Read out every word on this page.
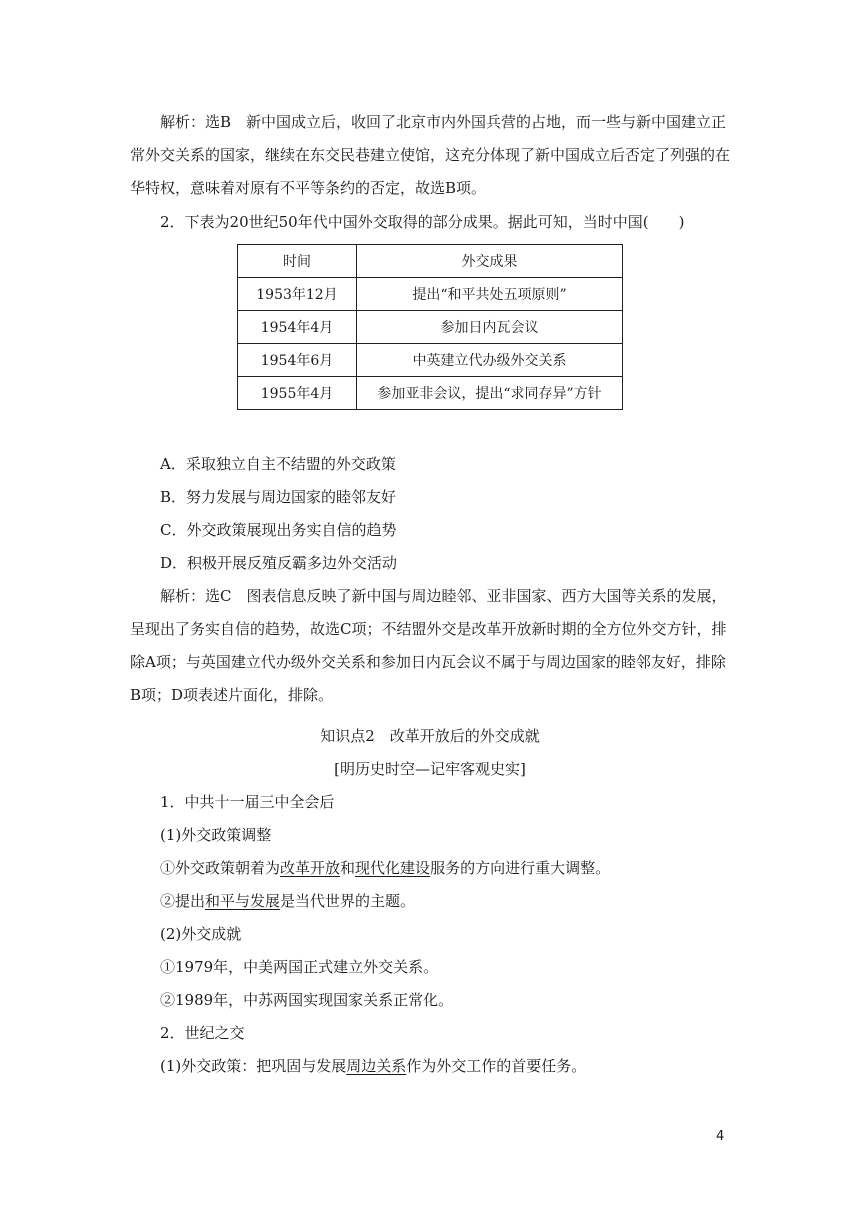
解析：选B　新中国成立后，收回了北京市内外国兵营的占地，而一些与新中国建立正常外交关系的国家，继续在东交民巷建立使馆，这充分体现了新中国成立后否定了列强的在华特权，意味着对原有不平等条约的否定，故选B项。

2．下表为20世纪50年代中国外交取得的部分成果。据此可知，当时中国(　　)

时间	外交成果
1953年12月	提出“和平共处五项原则”
1954年4月	参加日内瓦会议
1954年6月	中英建立代办级外交关系
1955年4月	参加亚非会议，提出“求同存异”方针

A．采取独立自主不结盟的外交政策

B．努力发展与周边国家的睦邻友好

C．外交政策展现出务实自信的趋势

D．积极开展反殖反霸多边外交活动

解析：选C　图表信息反映了新中国与周边睦邻、亚非国家、西方大国等关系的发展，呈现出了务实自信的趋势，故选C项；不结盟外交是改革开放新时期的全方位外交方针，排除A项；与英国建立代办级外交关系和参加日内瓦会议不属于与周边国家的睦邻友好，排除B项；D项表述片面化，排除。

知识点2　改革开放后的外交成就

[明历史时空—记牢客观史实]

1．中共十一届三中全会后

(1)外交政策调整

①外交政策朝着为改革开放和现代化建设服务的方向进行重大调整。

②提出和平与发展是当代世界的主题。

(2)外交成就

①1979年，中美两国正式建立外交关系。

②1989年，中苏两国实现国家关系正常化。

2．世纪之交

(1)外交政策：把巩固与发展周边关系作为外交工作的首要任务。

4
